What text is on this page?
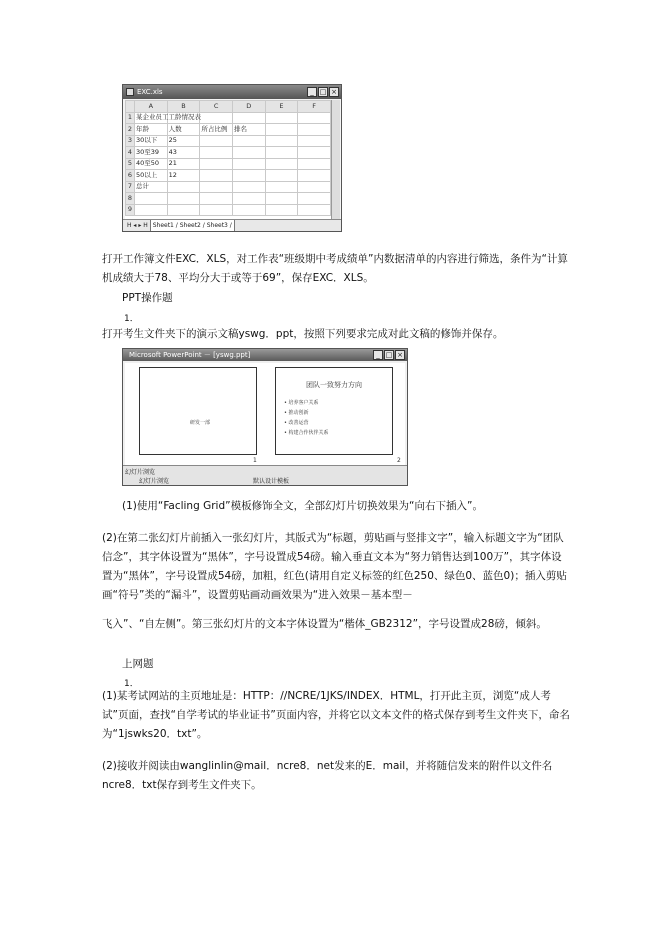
EXC.xls	_ □ ×
	A	B	C	D	E	F
1	某企业员工工龄情况表					
2	年龄	人数	所占比例	排名		
3	30以下	25				
4	30至39	43				
5	40至50	21				
6	50以上	12				
7	总计					
8						
9						
H ◂ ▸ H Sheet1 / Sheet2 / Sheet3 /

打开工作簿文件EXC．XLS，对工作表“班级期中考成绩单”内数据清单的内容进行筛选，条件为“计算机成绩大于78、平均分大于或等于69”，保存EXC．XLS。

PPT操作题

1．

打开考生文件夹下的演示文稿yswg．ppt，按照下列要求完成对此文稿的修饰并保存。

Microsoft PowerPoint － [yswg.ppt]	_ □ ×
研发一部
1
团队一致努力方向
• 培养客户关系
• 推动创新
• 改善运营
• 构建合作伙伴关系
2
幻灯片浏览
幻灯片浏览	默认设计模板

(1)使用“Facling Grid”模板修饰全文，全部幻灯片切换效果为“向右下插入”。

(2)在第二张幻灯片前插入一张幻灯片，其版式为“标题，剪贴画与竖排文字”，输入标题文字为“团队信念”，其字体设置为“黑体”，字号设置成54磅。输入垂直文本为“努力销售达到100万”，其字体设置为“黑体”，字号设置成54磅，加粗，红色(请用自定义标签的红色250、绿色0、蓝色0)；插入剪贴画“符号”类的“漏斗”，设置剪贴画动画效果为“进入效果－基本型－

飞入”、“自左侧”。第三张幻灯片的文本字体设置为“楷体_GB2312”，字号设置成28磅，倾斜。

上网题

1．

(1)某考试网站的主页地址是：HTTP：//NCRE/1JKS/INDEX．HTML，打开此主页，浏览“成人考试”页面，查找“自学考试的毕业证书”页面内容，并将它以文本文件的格式保存到考生文件夹下，命名为“1jswks20．txt”。

(2)接收并阅读由wanglinlin@mail．ncre8．net发来的E．mail，并将随信发来的附件以文件名ncre8．txt保存到考生文件夹下。
